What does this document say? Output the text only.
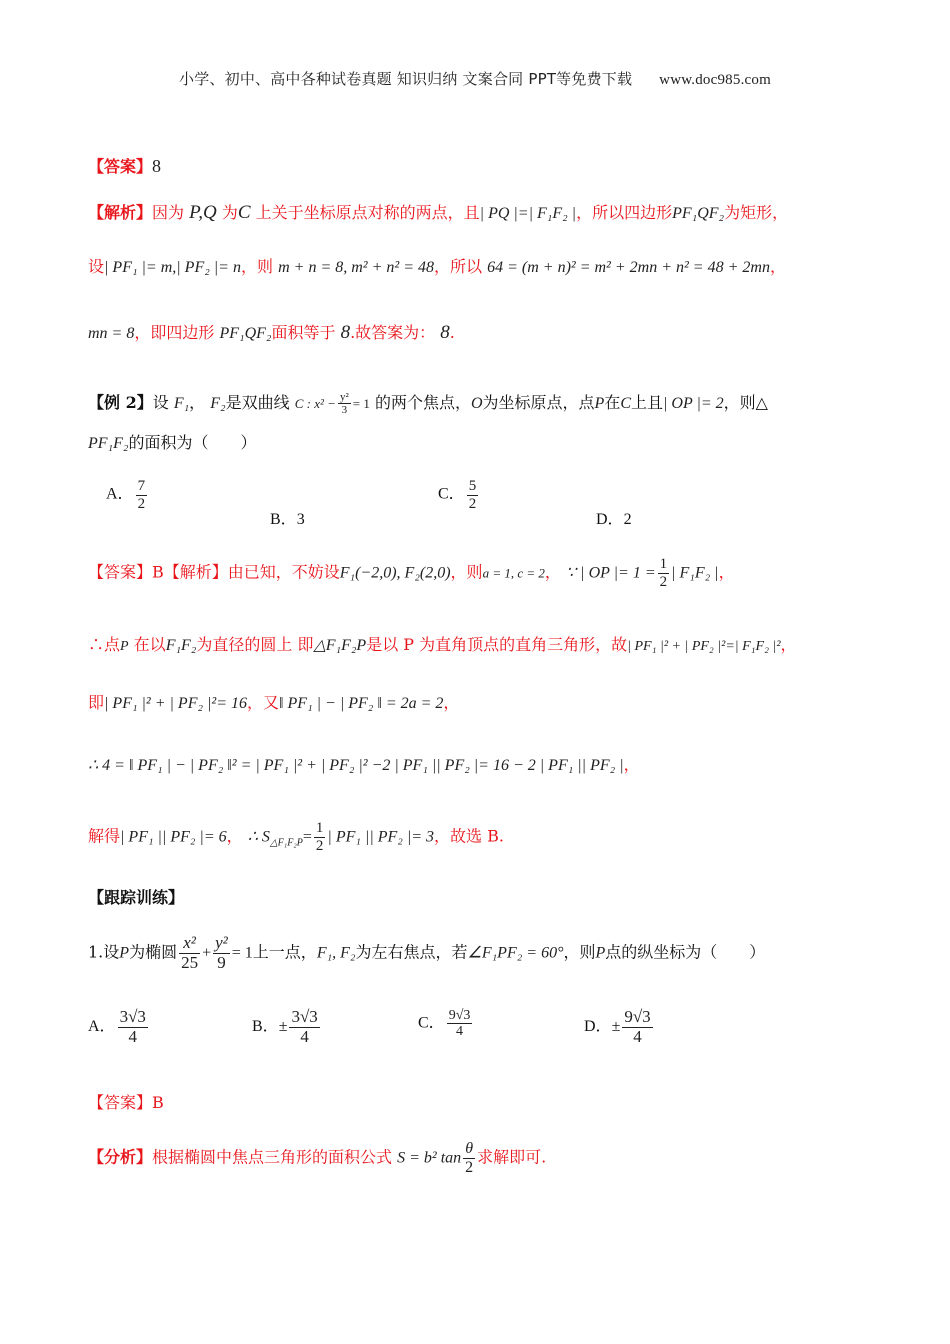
小学、初中、高中各种试卷真题 知识归纳 文案合同 PPT等免费下载 www.doc985.com
【答案】8
【解析】因为 P,Q 为C 上关于坐标原点对称的两点，且| PQ |=| F₁F₂ |，所以四边形PF₁QF₂为矩形，
设| PF₁ |= m,| PF₂ |= n，则 m + n = 8, m² + n² = 48，所以 64 = (m + n)² = m² + 2mn + n² = 48 + 2mn，
mn = 8，即四边形 PF₁QF₂面积等于 8.故答案为： 8.
【例 2】设 F₁， F₂是双曲线 C : $x^2 - \frac{\text{y²}}{3} = 1$ 的两个焦点，O为坐标原点，点P在C上且| OP |= 2，则△
PF₁F₂的面积为（　　）
A． $\frac{7}{2}$
B．3
C． $\frac{5}{2}$
D．2
【答案】B【解析】由已知，不妨设F₁(−2,0), F₂(2,0)，则a = 1, c = 2， ∵ | OP |= $1 = \frac{1}{2}$ | F₁F₂ |，
∴点P 在以F₁F₂为直径的圆上 即△F₁F₂P是以 P 为直角顶点的直角三角形，故| PF₁ |² + | PF₂ |²=| F₁F₂ |²，
即| PF₁ |² + | PF₂ |²= 16，又‖ PF₁ | − | PF₂ ‖ = 2a = 2，
∴ 4 = ‖ PF₁ | − | PF₂ ‖² = | PF₁ |² + | PF₂ |² −2 | PF₁ || PF₂ |= 16 − 2 | PF₁ || PF₂ |，
解得| PF₁ || PF₂ |= 6， ∴ $S_{\triangle F_1F_2P}= \frac{1}{2}$ | PF₁ || PF₂ |= 3，故选 B.
【跟踪训练】
1.设P为椭圆 $\frac{\text{x²}}{25} + \frac{\text{y²}}{9} = 1$上一点，F₁, F₂为左右焦点，若∠F₁PF₂ = 60°，则P点的纵坐标为（　　）
A． $\frac{3√3}{4}$	B．± $\frac{3√3}{4}$	C． $\frac{9√3}{4}$	D．± $\frac{9√3}{4}$
【答案】B
【分析】根据椭圆中焦点三角形的面积公式 S = b² $\tan \frac{\theta}{2}$ 求解即可.
